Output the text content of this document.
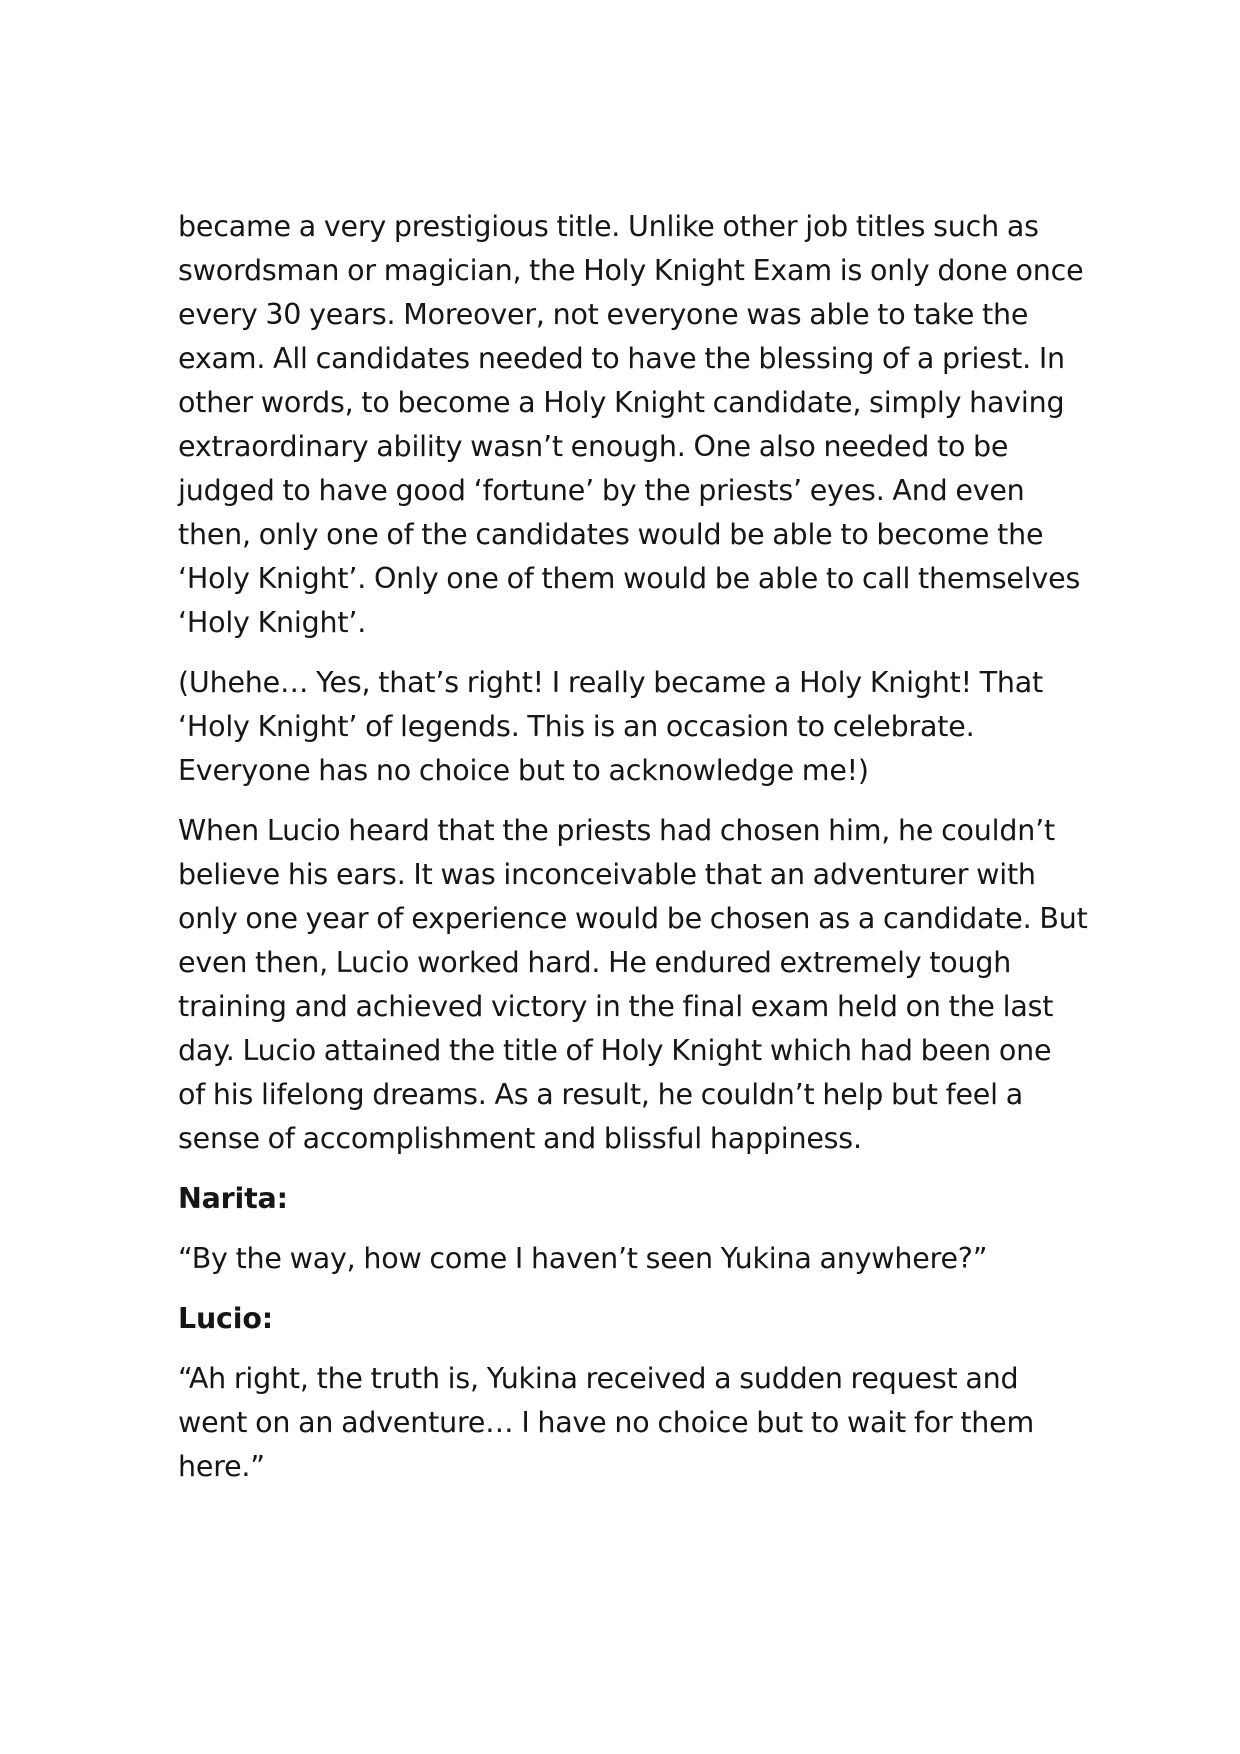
became a very prestigious title. Unlike other job titles such as
swordsman or magician, the Holy Knight Exam is only done once
every 30 years. Moreover, not everyone was able to take the
exam. All candidates needed to have the blessing of a priest. In
other words, to become a Holy Knight candidate, simply having
extraordinary ability wasn’t enough. One also needed to be
judged to have good ‘fortune’ by the priests’ eyes. And even
then, only one of the candidates would be able to become the
‘Holy Knight’. Only one of them would be able to call themselves
‘Holy Knight’.

(Uhehe… Yes, that’s right! I really became a Holy Knight! That
‘Holy Knight’ of legends. This is an occasion to celebrate.
Everyone has no choice but to acknowledge me!)

When Lucio heard that the priests had chosen him, he couldn’t
believe his ears. It was inconceivable that an adventurer with
only one year of experience would be chosen as a candidate. But
even then, Lucio worked hard. He endured extremely tough
training and achieved victory in the final exam held on the last
day. Lucio attained the title of Holy Knight which had been one
of his lifelong dreams. As a result, he couldn’t help but feel a
sense of accomplishment and blissful happiness.

Narita:

“By the way, how come I haven’t seen Yukina anywhere?”

Lucio:

“Ah right, the truth is, Yukina received a sudden request and
went on an adventure… I have no choice but to wait for them
here.”
